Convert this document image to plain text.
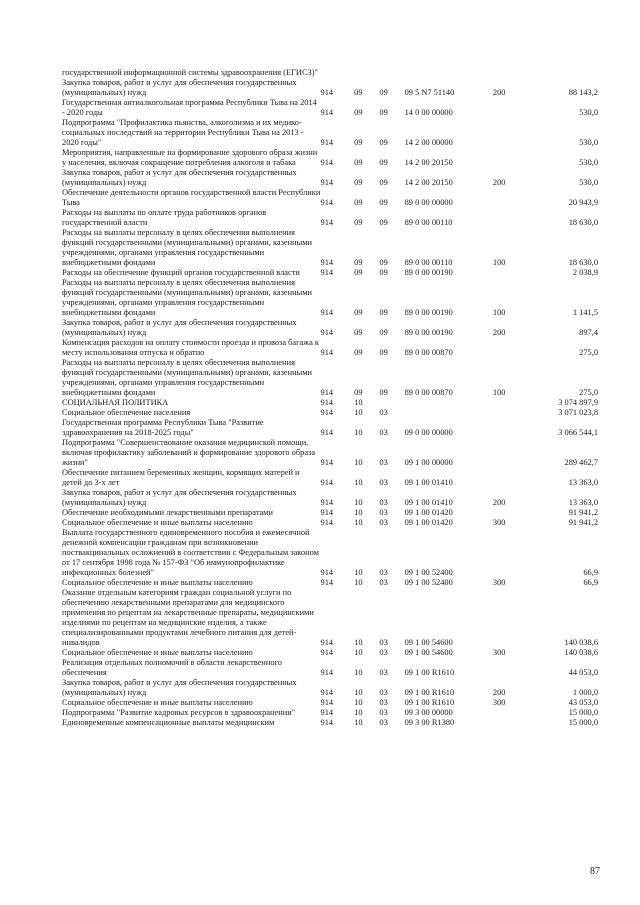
государственной информационной системы здравоохранения (ЕГИСЗ)"						
Закупка товаров, работ и услуг для обеспечения государственных (муниципальных) нужд	914	09	09	09 5 N7 51140	200	88 143,2
Государственная антиалкогольная программа Республики Тыва на 2014 - 2020 годы	914	09	09	14 0 00 00000		530,0
Подпрограмма "Профилактика пьянства, алкоголизма и их медико-социальных последствий на территории Республики Тыва на 2013 - 2020 годы"	914	09	09	14 2 00 00000		530,0
Мероприятия, направленные на формирование здорового образа жизни у населения, включая сокращение потребления алкоголя и табака	914	09	09	14 2 00 20150		530,0
Закупка товаров, работ и услуг для обеспечения государственных (муниципальных) нужд	914	09	09	14 2 00 20150	200	530,0
Обеспечение деятельности органов государственной власти Республики Тыва	914	09	09	89 0 00 00000		20 943,9
Расходы на выплаты по оплате труда работников органов государственной власти	914	09	09	89 0 00 00110		18 630,0
Расходы на выплаты персоналу в целях обеспечения выполнения функций государственными (муниципальными) органами, казенными учреждениями, органами управления государственными внебюджетными фондами	914	09	09	89 0 00 00110	100	18 630,0
Расходы на обеспечение функций органов государственной власти	914	09	09	89 0 00 00190		2 038,9
Расходы на выплаты персоналу в целях обеспечения выполнения функций государственными (муниципальными) органами, казенными учреждениями, органами управления государственными внебюджетными фондами	914	09	09	89 0 00 00190	100	1 141,5
Закупка товаров, работ и услуг для обеспечения государственных (муниципальных) нужд	914	09	09	89 0 00 00190	200	897,4
Компенсация расходов на оплату стоимости проезда и провоза багажа к месту использования отпуска и обратно	914	09	09	89 0 00 00870		275,0
Расходы на выплаты персоналу в целях обеспечения выполнения функций государственными (муниципальными) органами, казенными учреждениями, органами управления государственными внебюджетными фондами	914	09	09	89 0 00 00870	100	275,0
СОЦИАЛЬНАЯ ПОЛИТИКА	914	10				3 074 897,9
Социальное обеспечение населения	914	10	03			3 071 023,8
Государственная программа Республики Тыва "Развитие здравоохранения на 2018-2025 годы"	914	10	03	09 0 00 00000		3 066 544,1
Подпрограмма "Совершенствование оказания медицинской помощи, включая профилактику заболеваний и формирование здорового образа жизни"	914	10	03	09 1 00 00000		289 462,7
Обеспечение питанием беременных женщин, кормящих матерей и детей до 3-х лет	914	10	03	09 1 00 01410		13 363,0
Закупка товаров, работ и услуг для обеспечения государственных (муниципальных) нужд	914	10	03	09 1 00 01410	200	13 363,0
Обеспечение необходимыми лекарственными препаратами	914	10	03	09 1 00 01420		91 941,2
Социальное обеспечение и иные выплаты населению	914	10	03	09 1 00 01420	300	91 941,2
Выплата государственного единовременного пособия и ежемесячной денежной компенсации гражданам при возникновении поствакцинальных осложнений в соответствии с Федеральным законом от 17 сентября 1998 года № 157-ФЗ "Об иммунопрофилактике инфекционных болезней"	914	10	03	09 1 00 52400		66,9
Социальное обеспечение и иные выплаты населению	914	10	03	09 1 00 52400	300	66,9
Оказание отдельным категориям граждан социальной услуги по обеспечению лекарственными препаратами для медицинского применения по рецептам на лекарственные препараты, медицинскими изделиями по рецептам на медицинские изделия, а также специализированными продуктами лечебного питания для детей-инвалидов	914	10	03	09 1 00 54600		140 038,6
Социальное обеспечение и иные выплаты населению	914	10	03	09 1 00 54600	300	140 038,6
Реализация отдельных полномочий в области лекарственного обеспечения	914	10	03	09 1 00 R1610		44 053,0
Закупка товаров, работ и услуг для обеспечения государственных (муниципальных) нужд	914	10	03	09 1 00 R1610	200	1 000,0
Социальное обеспечение и иные выплаты населению	914	10	03	09 1 00 R1610	300	43 053,0
Подпрограмма "Развитие кадровых ресурсов в здравоохранении"	914	10	03	09 3 00 00000		15 000,0
Единовременные компенсационные выплаты медицинским	914	10	03	09 3 00 R1380		15 000,0
87
